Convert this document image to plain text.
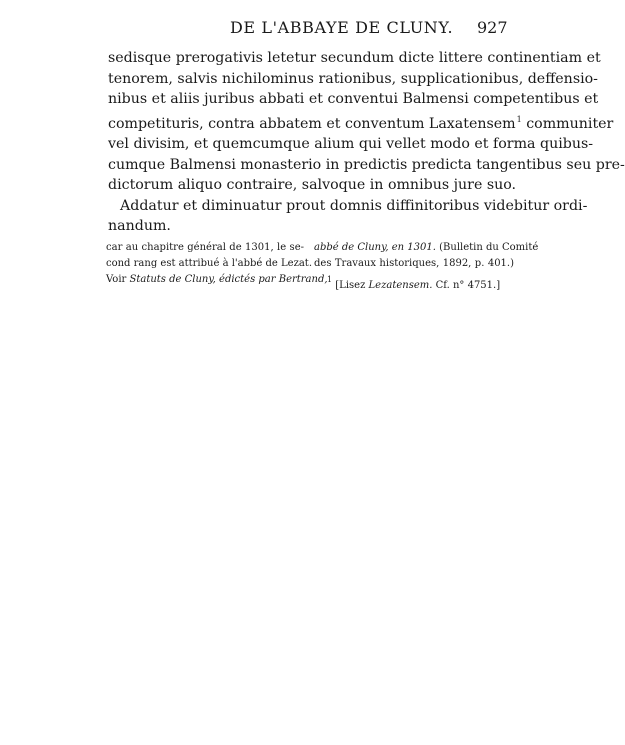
DE L'ABBAYE DE CLUNY. 927
sedisque prerogativis letetur secundum dicte littere continentiam et
tenorem, salvis nichilominus rationibus, supplicationibus, deffensio-
nibus et aliis juribus abbati et conventui Balmensi competentibus et
competituris, contra abbatem et conventum Laxatensem$^1$ communiter
vel divisim, et quemcumque alium qui vellet modo et forma quibus-
cumque Balmensi monasterio in predictis predicta tangentibus seu pre-
dictorum aliquo contraire, salvoque in omnibus jure suo.
Addatur et diminuatur prout domnis diffinitoribus videbitur ordi-
nandum.
car au chapitre général de 1301, le se-
cond rang est attribué à l'abbé de Lezat.
Voir Statuts de Cluny, édictés par Bertrand,
abbé de Cluny, en 1301. (Bulletin du Comité
des Travaux historiques, 1892, p. 401.)
$^1$ [Lisez Lezatensem. Cf. n° 4751.]
